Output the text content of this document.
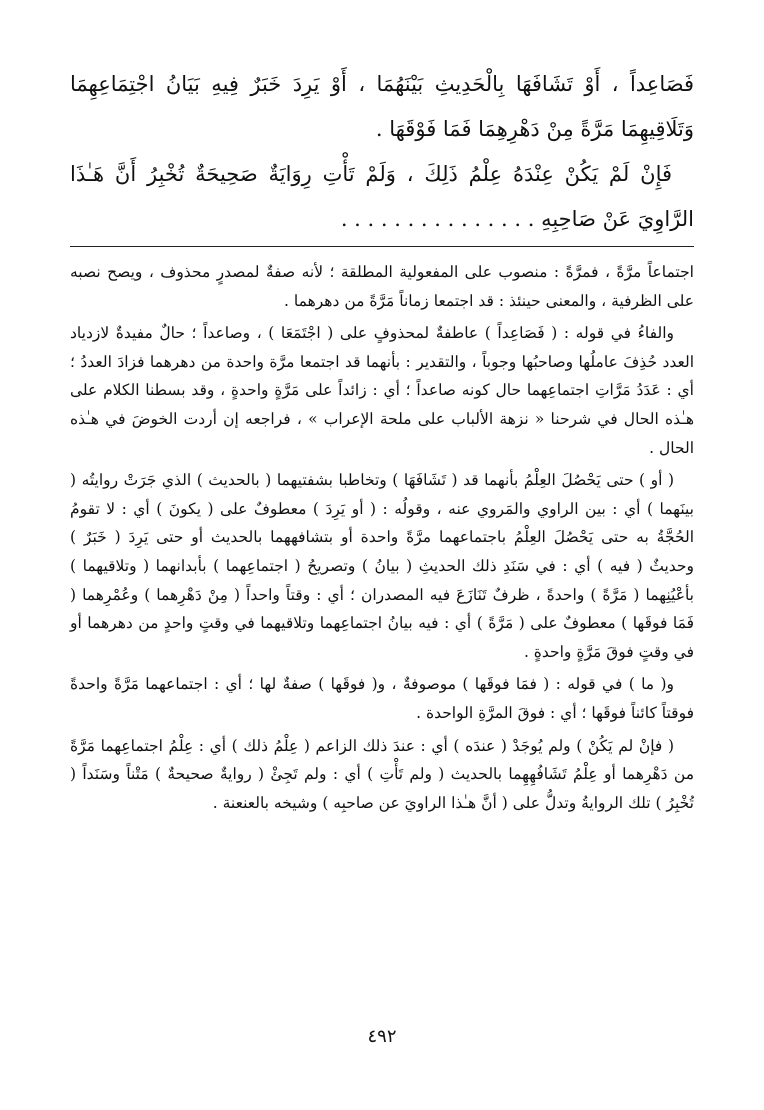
فَصَاعِداً ، أَوْ تَشَافَهَا بِالْحَدِيثِ بَيْنَهُمَا ، أَوْ يَرِدَ خَبَرٌ فِيهِ بَيَانُ اجْتِمَاعِهِمَا وَتَلَاقِيهِمَا مَرَّةً مِنْ دَهْرِهِمَا فَمَا فَوْقَهَا .

فَإِنْ لَمْ يَكُنْ عِنْدَهُ عِلْمُ ذَلِكَ ، وَلَمْ تَأْتِ رِوَايَةٌ صَحِيحَةٌ تُخْبِرُ أَنَّ هَـٰذَا الرَّاوِيَ عَنْ صَاحِبِهِ . . . . . . . . . . . . . . .

اجتماعاً مرَّةً ، فمرَّةً : منصوب على المفعولية المطلقة ؛ لأنه صفةٌ لمصدرٍ محذوف ، ويصح نصبه على الظرفية ، والمعنى حينئذ : قد اجتمعا زماناً مَرَّةً من دهرهما .

والفاءُ في قوله : ( فَصَاعِداً ) عاطفةٌ لمحذوفٍ على ( اجْتَمَعَا ) ، وصاعداً ؛ حالٌ مفيدةٌ لازدياد العدد حُذِفَ عاملُها وصاحبُها وجوباً ، والتقدير : بأنهما قد اجتمعا مرَّة واحدة من دهرهما فزادَ العددُ ؛ أي : عَدَدُ مَرَّاتِ اجتماعِهما حال كونه صاعداً ؛ أي : زائداً على مَرَّةٍ واحدةٍ ، وقد بسطنا الكلام على هـٰذه الحال في شرحنا « نزهة الألباب على ملحة الإعراب » ، فراجعه إن أردت الخوضَ في هـٰذه الحال .

( أو ) حتى يَحْصُلَ العِلْمُ بأنهما قد ( تَشَافَهَا ) وتخاطبا بشفتيهما ( بالحديث ) الذي جَرَتْ روايتُه ( بينَهما ) أي : بين الراوي والمَروي عنه ، وقولُه : ( أو يَرِدَ ) معطوفٌ على ( يكونَ ) أي : لا تقومُ الحُجَّةُ به حتى يَحْصُلَ العِلْمُ باجتماعهما مرَّةً واحدة أو بتشافههما بالحديث أو حتى يَرِدَ ( خَبَرٌ ) وحديثٌ ( فيه ) أي : في سَنَدِ ذلك الحديثِ ( بيانُ ) وتصريحُ ( اجتماعِهما ) بأبدانهما ( وتلاقيهما ) بأعْيُنِهما ( مَرَّةً ) واحدةً ، ظرفٌ تَنَازَعَ فيه المصدران ؛ أي : وقتاً واحداً ( مِنْ دَهْرِهما ) وعُمْرِهما ( فَمَا فوقَها ) معطوفٌ على ( مَرَّةً ) أي : فيه بيانُ اجتماعِهما وتلاقيهما في وقتٍ واحدٍ من دهرهما أو في وقتٍ فوقَ مَرَّةٍ واحدةٍ .

و( ما ) في قوله : ( فمَا فوقَها ) موصوفةٌ ، و( فوقَها ) صفةٌ لها ؛ أي : اجتماعهما مَرَّةً واحدةً فوقتاً كائناً فوقَها ؛ أي : فوقَ المرَّةِ الواحدة .

( فإنْ لم يَكُنْ ) ولم يُوجَدْ ( عندَه ) أي : عندَ ذلك الزاعم ( عِلْمُ ذلك ) أي : عِلْمُ اجتماعِهما مَرَّةً من دَهْرِهما أو عِلْمُ تَشَافُهِهِما بالحديث ( ولم تَأْتِ ) أي : ولم تَجِئْ ( روايةٌ صحيحةٌ ) مَتْناً وسَنَداً ( تُخْبِرُ ) تلك الروايةُ وتدلُّ على ( أنَّ هـٰذا الراويَ عن صاحبِه ) وشيخه بالعنعنة .

٤٩٢
